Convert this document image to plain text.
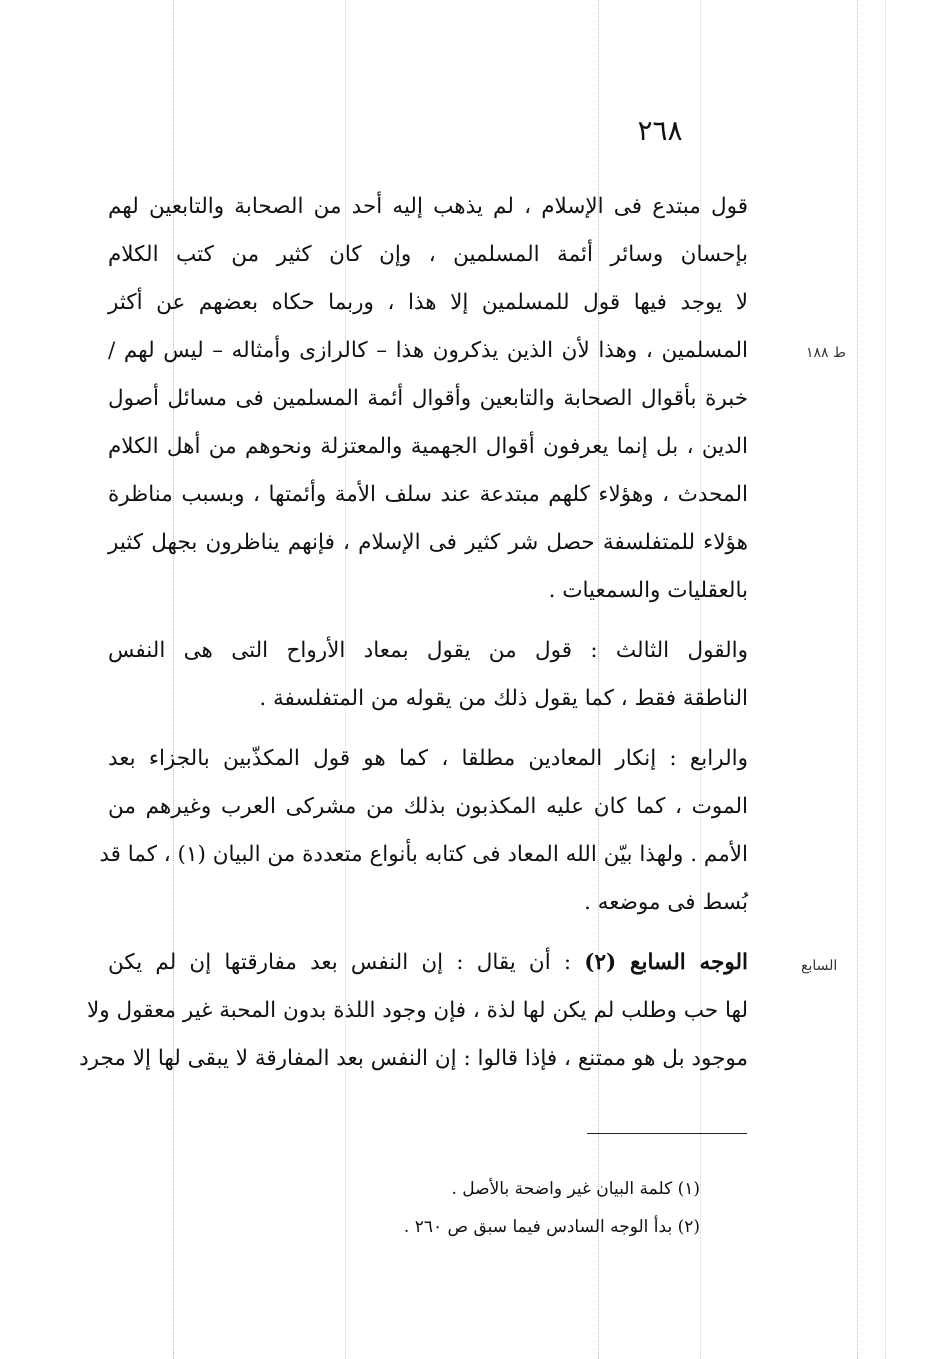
٢٦٨
ط ١٨٨
السابع
قول مبتدع فى الإسلام ، لم يذهب إليه أحد من الصحابة والتابعين لهم
بإحسان وسائر أئمة المسلمين ، وإن كان كثير من كتب الكلام
لا يوجد فيها قول للمسلمين إلا هذا ، وربما حكاه بعضهم عن أكثر
المسلمين ، وهذا لأن الذين يذكرون هذا – كالرازى وأمثاله – ليس لهم /
خبرة بأقوال الصحابة والتابعين وأقوال أئمة المسلمين فى مسائل أصول
الدين ، بل إنما يعرفون أقوال الجهمية والمعتزلة ونحوهم من أهل الكلام
المحدث ، وهؤلاء كلهم مبتدعة عند سلف الأمة وأئمتها ، وبسبب مناظرة
هؤلاء للمتفلسفة حصل شر كثير فى الإسلام ، فإنهم يناظرون بجهل كثير
بالعقليات والسمعيات .
والقول الثالث : قول من يقول بمعاد الأرواح التى هى النفس
الناطقة فقط ، كما يقول ذلك من يقوله من المتفلسفة .
والرابع : إنكار المعادين مطلقا ، كما هو قول المكذّبين بالجزاء بعد
الموت ، كما كان عليه المكذبون بذلك من مشركى العرب وغيرهم من
الأمم . ولهذا بيّن الله المعاد فى كتابه بأنواع متعددة من البيان (١) ، كما قد
بُسط فى موضعه .
الوجه السابع (٢) : أن يقال : إن النفس بعد مفارقتها إن لم يكن
لها حب وطلب لم يكن لها لذة ، فإن وجود اللذة بدون المحبة غير معقول ولا
موجود بل هو ممتنع ، فإذا قالوا : إن النفس بعد المفارقة لا يبقى لها إلا مجرد
(١) كلمة البيان غير واضحة بالأصل .
(٢) بدأ الوجه السادس فيما سبق ص ٢٦٠ .
